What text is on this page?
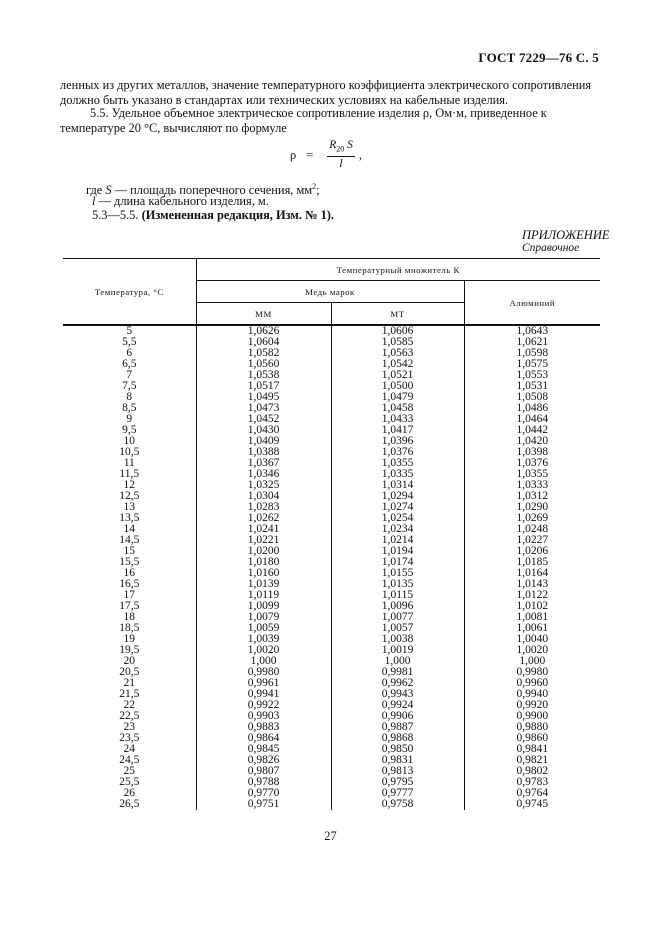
ГОСТ 7229—76 С. 5
ленных из других металлов, значение температурного коэффициента электрического сопротивления должно быть указано в стандартах или технических условиях на кабельные изделия.
5.5. Удельное объемное электрическое сопротивление изделия ρ, Ом·м, приведенное к температуре 20 °С, вычисляют по формуле
$\rho = \frac{R_{20} S}{l}$ ,
где S — площадь поперечного сечения, $мм^2$;
l — длина кабельного изделия, м.
5.3—5.5. (Измененная редакция, Изм. № 1).
ПРИЛОЖЕНИЕ
Справочное
Температура, °С	Температурный множитель К		
	Медь марок		Алюминий
	ММ	МТ	
5	1,0626	1,0606	1,0643
5,5	1,0604	1,0585	1,0621
6	1,0582	1,0563	1,0598
6,5	1,0560	1,0542	1,0575
7	1,0538	1,0521	1,0553
7,5	1,0517	1,0500	1,0531
8	1,0495	1,0479	1,0508
8,5	1,0473	1,0458	1,0486
9	1,0452	1,0433	1,0464
9,5	1,0430	1,0417	1,0442
10	1,0409	1,0396	1,0420
10,5	1,0388	1,0376	1,0398
11	1,0367	1,0355	1,0376
11,5	1,0346	1,0335	1,0355
12	1,0325	1,0314	1,0333
12,5	1,0304	1,0294	1,0312
13	1,0283	1,0274	1,0290
13,5	1,0262	1,0254	1,0269
14	1,0241	1,0234	1,0248
14,5	1,0221	1,0214	1,0227
15	1,0200	1,0194	1,0206
15,5	1,0180	1,0174	1,0185
16	1,0160	1,0155	1,0164
16,5	1,0139	1,0135	1,0143
17	1,0119	1,0115	1,0122
17,5	1,0099	1,0096	1,0102
18	1,0079	1,0077	1,0081
18,5	1,0059	1,0057	1,0061
19	1,0039	1,0038	1,0040
19,5	1,0020	1,0019	1,0020
20	1,000	1,000	1,000
20,5	0,9980	0,9981	0,9980
21	0,9961	0,9962	0,9960
21,5	0,9941	0,9943	0,9940
22	0,9922	0,9924	0,9920
22,5	0,9903	0,9906	0,9900
23	0,9883	0,9887	0,9880
23,5	0,9864	0,9868	0,9860
24	0,9845	0,9850	0,9841
24,5	0,9826	0,9831	0,9821
25	0,9807	0,9813	0,9802
25,5	0,9788	0,9795	0,9783
26	0,9770	0,9777	0,9764
26,5	0,9751	0,9758	0,9745
27
